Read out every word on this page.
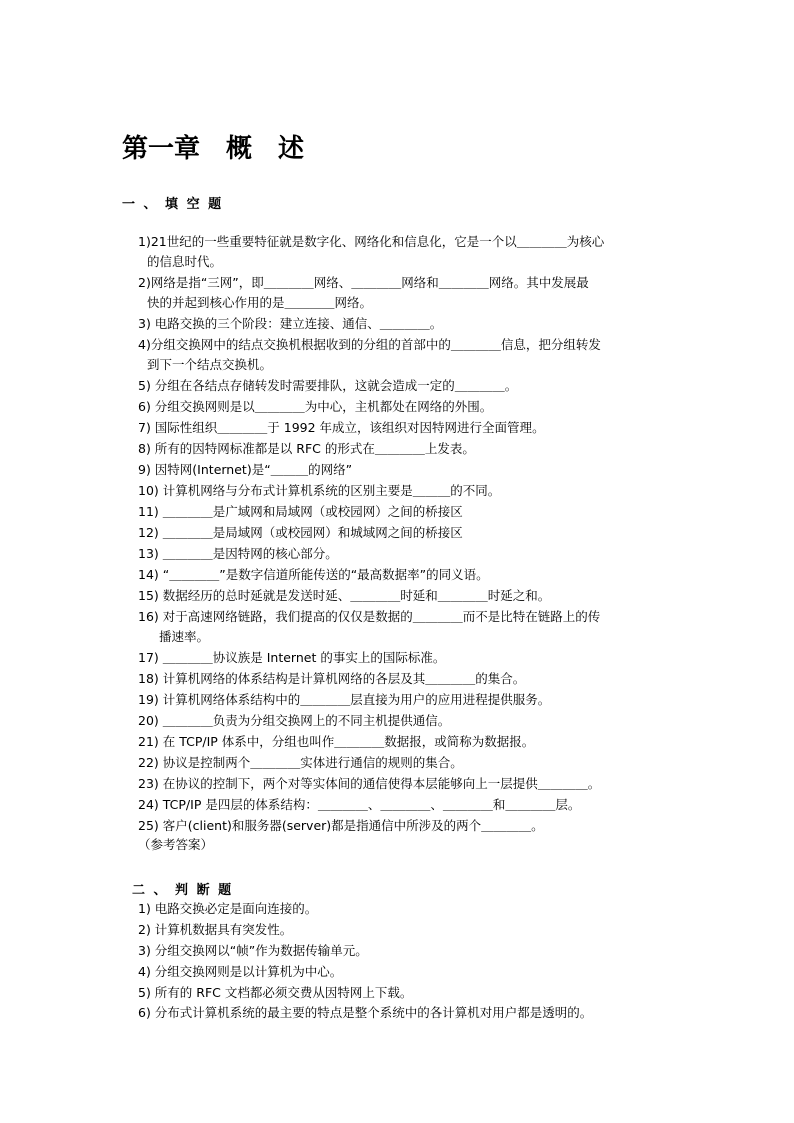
第一章　概　述
一 、 填 空 题
1)21世纪的一些重要特征就是数字化、网络化和信息化，它是一个以＿＿＿＿为核心
的信息时代。
2)网络是指“三网”，即＿＿＿＿网络、＿＿＿＿网络和＿＿＿＿网络。其中发展最
快的并起到核心作用的是＿＿＿＿网络。
3) 电路交换的三个阶段：建立连接、通信、＿＿＿＿。
4)分组交换网中的结点交换机根据收到的分组的首部中的＿＿＿＿信息，把分组转发
到下一个结点交换机。
5) 分组在各结点存储转发时需要排队，这就会造成一定的＿＿＿＿。
6) 分组交换网则是以＿＿＿＿为中心，主机都处在网络的外围。
7) 国际性组织＿＿＿＿于 1992 年成立，该组织对因特网进行全面管理。
8) 所有的因特网标准都是以 RFC 的形式在＿＿＿＿上发表。
9) 因特网(Internet)是“＿＿＿的网络”
10) 计算机网络与分布式计算机系统的区别主要是＿＿＿的不同。
11) ＿＿＿＿是广域网和局域网（或校园网）之间的桥接区
12) ＿＿＿＿是局域网（或校园网）和城域网之间的桥接区
13) ＿＿＿＿是因特网的核心部分。
14) “＿＿＿＿”是数字信道所能传送的“最高数据率”的同义语。
15) 数据经历的总时延就是发送时延、＿＿＿＿时延和＿＿＿＿时延之和。
16) 对于高速网络链路，我们提高的仅仅是数据的＿＿＿＿而不是比特在链路上的传
播速率。
17) ＿＿＿＿协议族是 Internet 的事实上的国际标准。
18) 计算机网络的体系结构是计算机网络的各层及其＿＿＿＿的集合。
19) 计算机网络体系结构中的＿＿＿＿层直接为用户的应用进程提供服务。
20) ＿＿＿＿负责为分组交换网上的不同主机提供通信。
21) 在 TCP/IP 体系中，分组也叫作＿＿＿＿数据报，或简称为数据报。
22) 协议是控制两个＿＿＿＿实体进行通信的规则的集合。
23) 在协议的控制下，两个对等实体间的通信使得本层能够向上一层提供＿＿＿＿。
24) TCP/IP 是四层的体系结构：＿＿＿＿、＿＿＿＿、＿＿＿＿和＿＿＿＿层。
25) 客户(client)和服务器(server)都是指通信中所涉及的两个＿＿＿＿。
（参考答案）
二 、 判 断 题
1) 电路交换必定是面向连接的。
2) 计算机数据具有突发性。
3) 分组交换网以“帧”作为数据传输单元。
4) 分组交换网则是以计算机为中心。
5) 所有的 RFC 文档都必须交费从因特网上下载。
6) 分布式计算机系统的最主要的特点是整个系统中的各计算机对用户都是透明的。
